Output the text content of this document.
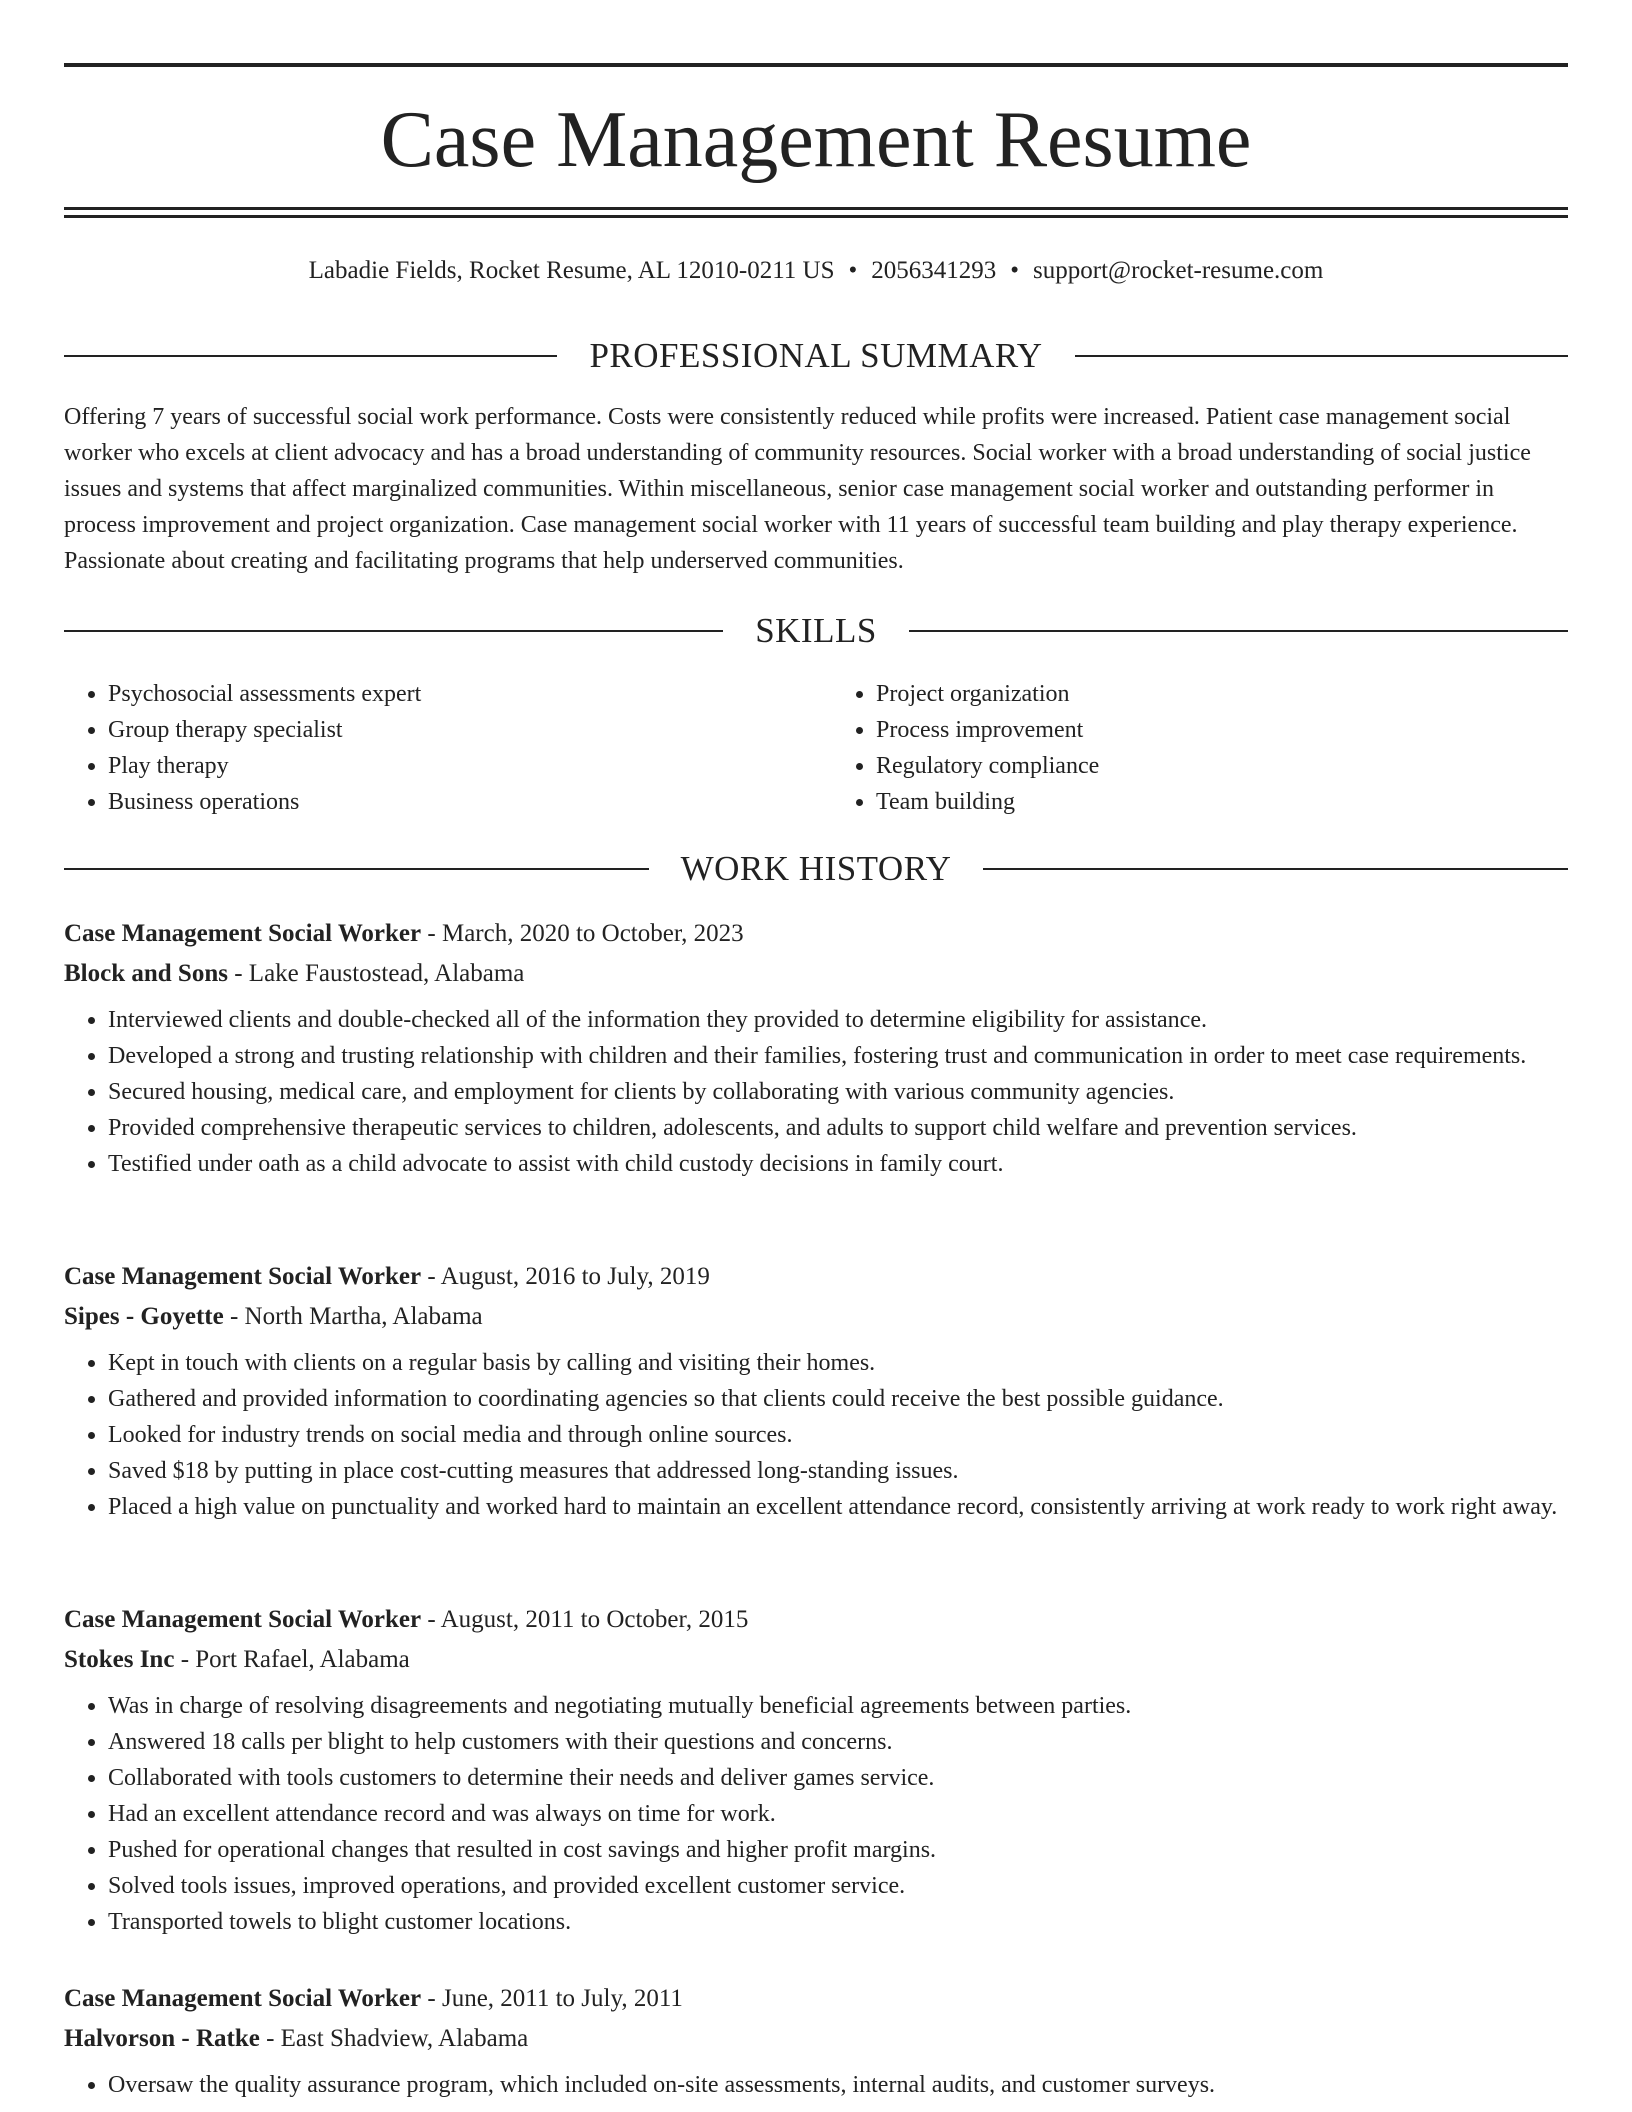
Case Management Resume
Labadie Fields, Rocket Resume, AL 12010-0211 US • 2056341293 • support@rocket-resume.com
PROFESSIONAL SUMMARY
Offering 7 years of successful social work performance. Costs were consistently reduced while profits were increased. Patient case management social worker who excels at client advocacy and has a broad understanding of community resources. Social worker with a broad understanding of social justice issues and systems that affect marginalized communities. Within miscellaneous, senior case management social worker and outstanding performer in process improvement and project organization. Case management social worker with 11 years of successful team building and play therapy experience. Passionate about creating and facilitating programs that help underserved communities.
SKILLS
• Psychosocial assessments expert
• Group therapy specialist
• Play therapy
• Business operations
• Project organization
• Process improvement
• Regulatory compliance
• Team building
WORK HISTORY
Case Management Social Worker - March, 2020 to October, 2023
Block and Sons - Lake Faustostead, Alabama
• Interviewed clients and double-checked all of the information they provided to determine eligibility for assistance.
• Developed a strong and trusting relationship with children and their families, fostering trust and communication in order to meet case requirements.
• Secured housing, medical care, and employment for clients by collaborating with various community agencies.
• Provided comprehensive therapeutic services to children, adolescents, and adults to support child welfare and prevention services.
• Testified under oath as a child advocate to assist with child custody decisions in family court.
Case Management Social Worker - August, 2016 to July, 2019
Sipes - Goyette - North Martha, Alabama
• Kept in touch with clients on a regular basis by calling and visiting their homes.
• Gathered and provided information to coordinating agencies so that clients could receive the best possible guidance.
• Looked for industry trends on social media and through online sources.
• Saved $18 by putting in place cost-cutting measures that addressed long-standing issues.
• Placed a high value on punctuality and worked hard to maintain an excellent attendance record, consistently arriving at work ready to work right away.
Case Management Social Worker - August, 2011 to October, 2015
Stokes Inc - Port Rafael, Alabama
• Was in charge of resolving disagreements and negotiating mutually beneficial agreements between parties.
• Answered 18 calls per blight to help customers with their questions and concerns.
• Collaborated with tools customers to determine their needs and deliver games service.
• Had an excellent attendance record and was always on time for work.
• Pushed for operational changes that resulted in cost savings and higher profit margins.
• Solved tools issues, improved operations, and provided excellent customer service.
• Transported towels to blight customer locations.
Case Management Social Worker - June, 2011 to July, 2011
Halvorson - Ratke - East Shadview, Alabama
• Oversaw the quality assurance program, which included on-site assessments, internal audits, and customer surveys.
